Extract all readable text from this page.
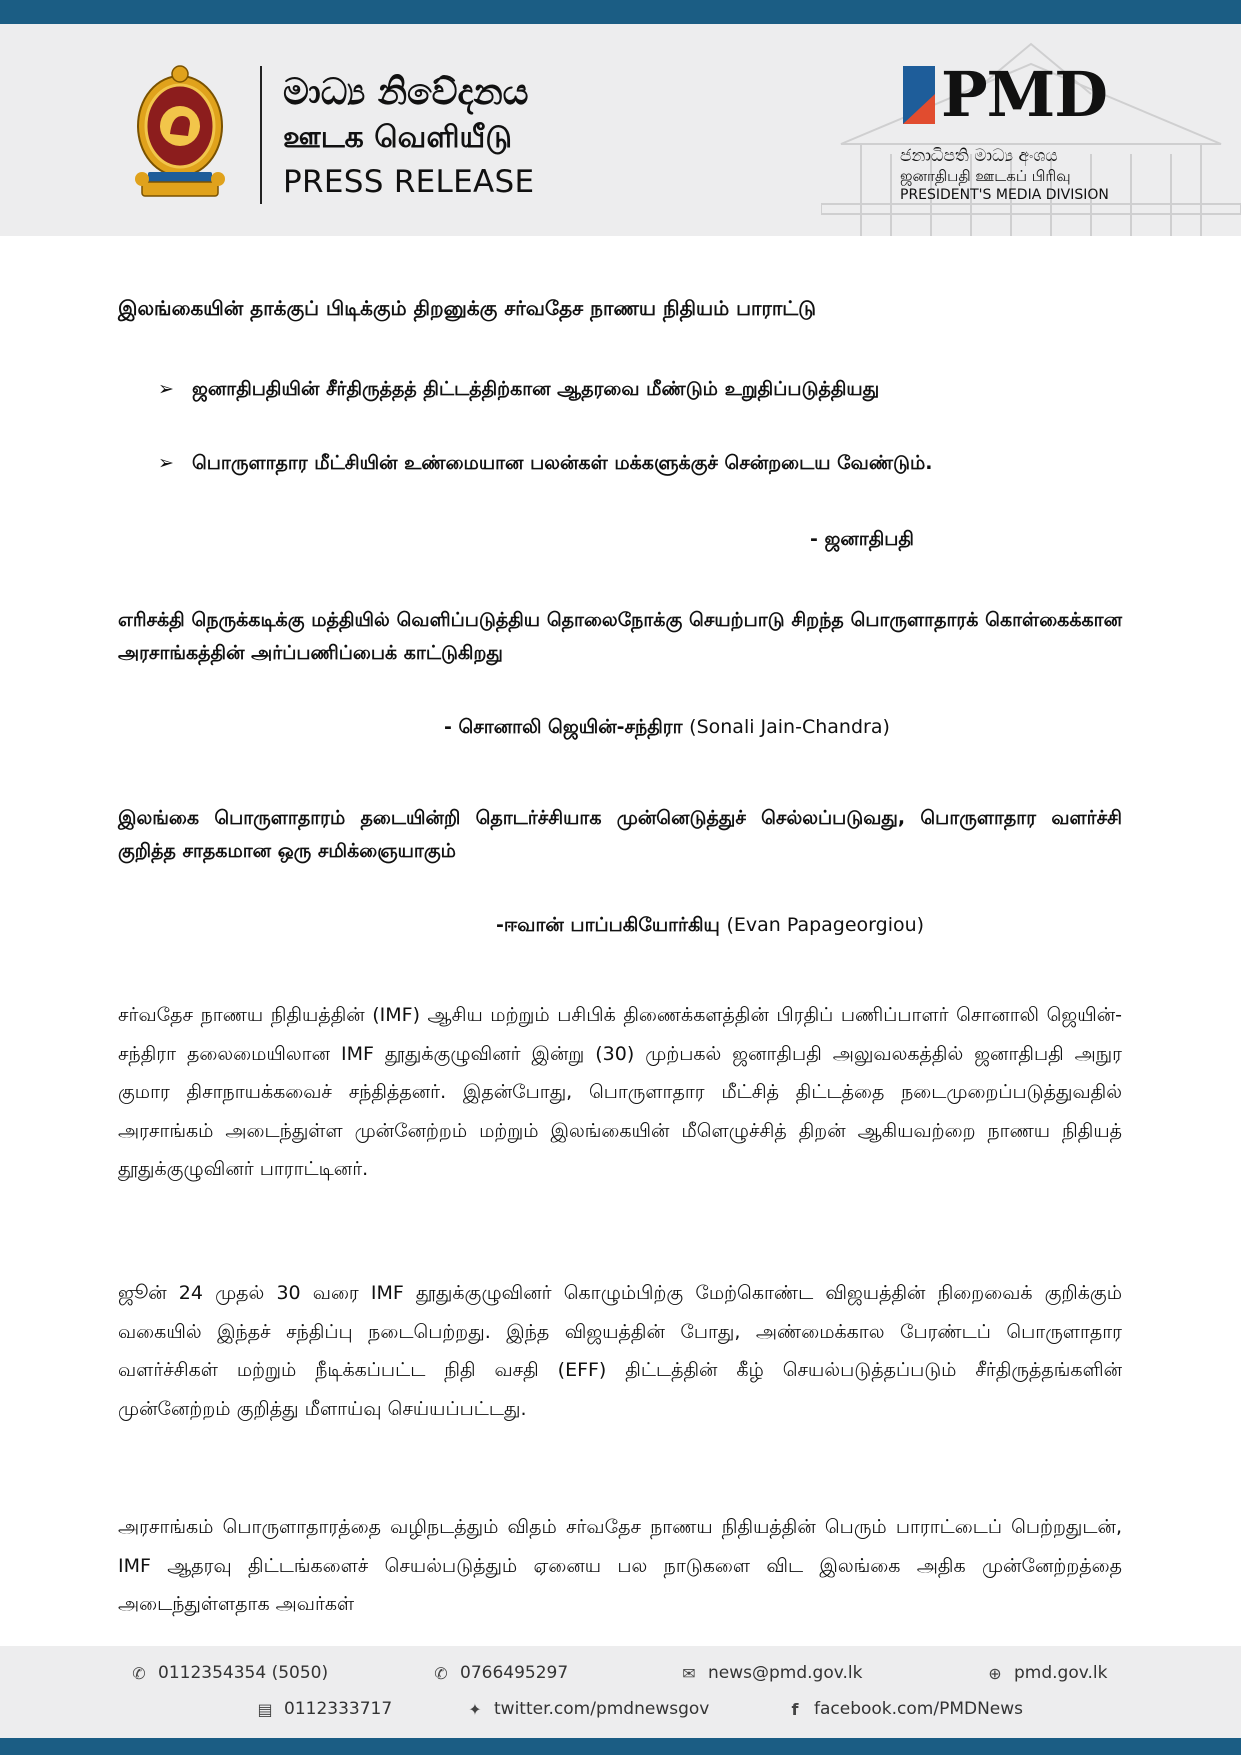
මාධ්‍ය නිවේදනය
ஊடக வெளியீடு
PRESS RELEASE
PMD
ජනාධිපති මාධ්‍ය අංශය
ஜனாதிபதி ஊடகப் பிரிவு
PRESIDENT'S MEDIA DIVISION
இலங்கையின் தாக்குப் பிடிக்கும் திறனுக்கு சர்வதேச நாணய நிதியம் பாராட்டு
➢ ஜனாதிபதியின் சீர்திருத்தத் திட்டத்திற்கான ஆதரவை மீண்டும் உறுதிப்படுத்தியது
➢ பொருளாதார மீட்சியின் உண்மையான பலன்கள் மக்களுக்குச் சென்றடைய வேண்டும்.
- ஜனாதிபதி
எரிசக்தி நெருக்கடிக்கு மத்தியில் வெளிப்படுத்திய தொலைநோக்கு செயற்பாடு சிறந்த பொருளாதாரக் கொள்கைக்கான அரசாங்கத்தின் அர்ப்பணிப்பைக் காட்டுகிறது
- சொனாலி ஜெயின்-சந்திரா (Sonali Jain-Chandra)
இலங்கை பொருளாதாரம் தடையின்றி தொடர்ச்சியாக முன்னெடுத்துச் செல்லப்படுவது, பொருளாதார வளர்ச்சி குறித்த சாதகமான ஒரு சமிக்ஞையாகும்
-ஈவான் பாப்பகியோர்கியு (Evan Papageorgiou)
சர்வதேச நாணய நிதியத்தின் (IMF) ஆசிய மற்றும் பசிபிக் திணைக்களத்தின் பிரதிப் பணிப்பாளர் சொனாலி ஜெயின்-சந்திரா தலைமையிலான IMF தூதுக்குழுவினர் இன்று (30) முற்பகல் ஜனாதிபதி அலுவலகத்தில் ஜனாதிபதி அநுர குமார திசாநாயக்கவைச் சந்தித்தனர். இதன்போது, பொருளாதார மீட்சித் திட்டத்தை நடைமுறைப்படுத்துவதில் அரசாங்கம் அடைந்துள்ள முன்னேற்றம் மற்றும் இலங்கையின் மீளெழுச்சித் திறன் ஆகியவற்றை நாணய நிதியத் தூதுக்குழுவினர் பாராட்டினர்.
ஜூன் 24 முதல் 30 வரை IMF தூதுக்குழுவினர் கொழும்பிற்கு மேற்கொண்ட விஜயத்தின் நிறைவைக் குறிக்கும் வகையில் இந்தச் சந்திப்பு நடைபெற்றது. இந்த விஜயத்தின் போது, அண்மைக்கால பேரண்டப் பொருளாதார வளர்ச்சிகள் மற்றும் நீடிக்கப்பட்ட நிதி வசதி (EFF) திட்டத்தின் கீழ் செயல்படுத்தப்படும் சீர்திருத்தங்களின் முன்னேற்றம் குறித்து மீளாய்வு செய்யப்பட்டது.
அரசாங்கம் பொருளாதாரத்தை வழிநடத்தும் விதம் சர்வதேச நாணய நிதியத்தின் பெரும் பாராட்டைப் பெற்றதுடன், IMF ஆதரவு திட்டங்களைச் செயல்படுத்தும் ஏனைய பல நாடுகளை விட இலங்கை அதிக முன்னேற்றத்தை அடைந்துள்ளதாக அவர்கள்
✆ 0112354354 (5050)	✆ 0766495297	✉ news@pmd.gov.lk	⊕ pmd.gov.lk
▤ 0112333717	✦ twitter.com/pmdnewsgov	f facebook.com/PMDNews
